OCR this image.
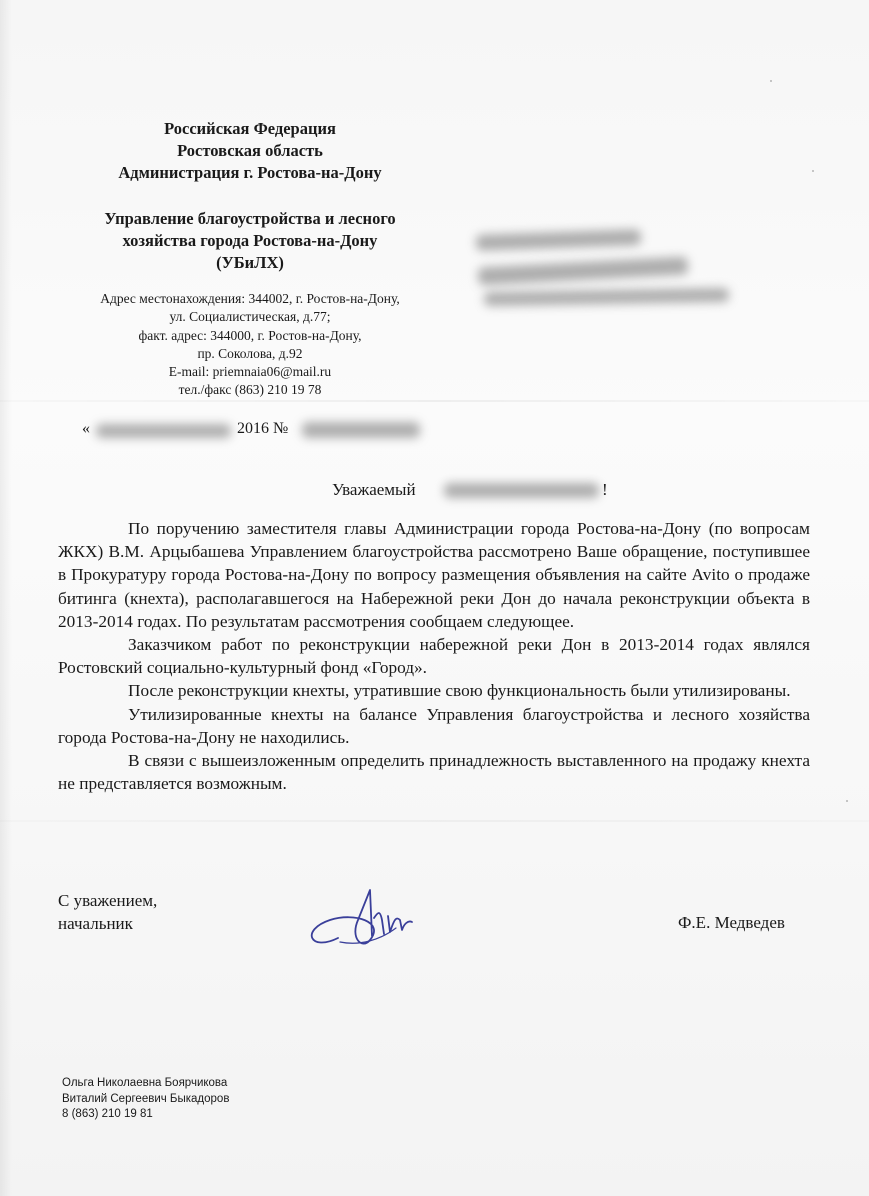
Российская Федерация
Ростовская область
Администрация г. Ростова-на-Дону
Управление благоустройства и лесного
хозяйства города Ростова-на-Дону
(УБиЛХ)
Адрес местонахождения: 344002, г. Ростов-на-Дону,
ул. Социалистическая, д.77;
факт. адрес: 344000, г. Ростов-на-Дону,
пр. Соколова, д.92
E-mail: priemnaia06@mail.ru
тел./факс (863) 210 19 78
«	2016 №
Уважаемый	!

По поручению заместителя главы Администрации города Ростова-на-Дону (по вопросам ЖКХ) В.М. Арцыбашева Управлением благоустройства рассмотрено Ваше обращение, поступившее в Прокуратуру города Ростова-на-Дону по вопросу размещения объявления на сайте Avito о продаже битинга (кнехта), располагавшегося на Набережной реки Дон до начала реконструкции объекта в 2013-2014 годах. По результатам рассмотрения сообщаем следующее.

Заказчиком работ по реконструкции набережной реки Дон в 2013-2014 годах являлся Ростовский социально-культурный фонд «Город».

После реконструкции кнехты, утратившие свою функциональность были утилизированы.

Утилизированные кнехты на балансе Управления благоустройства и лесного хозяйства города Ростова-на-Дону не находились.

В связи с вышеизложенным определить принадлежность выставленного на продажу кнехта не представляется возможным.

С уважением,
начальник	Ф.Е. Медведев
Ольга Николаевна Боярчикова
Виталий Сергеевич Быкадоров
8 (863) 210 19 81
